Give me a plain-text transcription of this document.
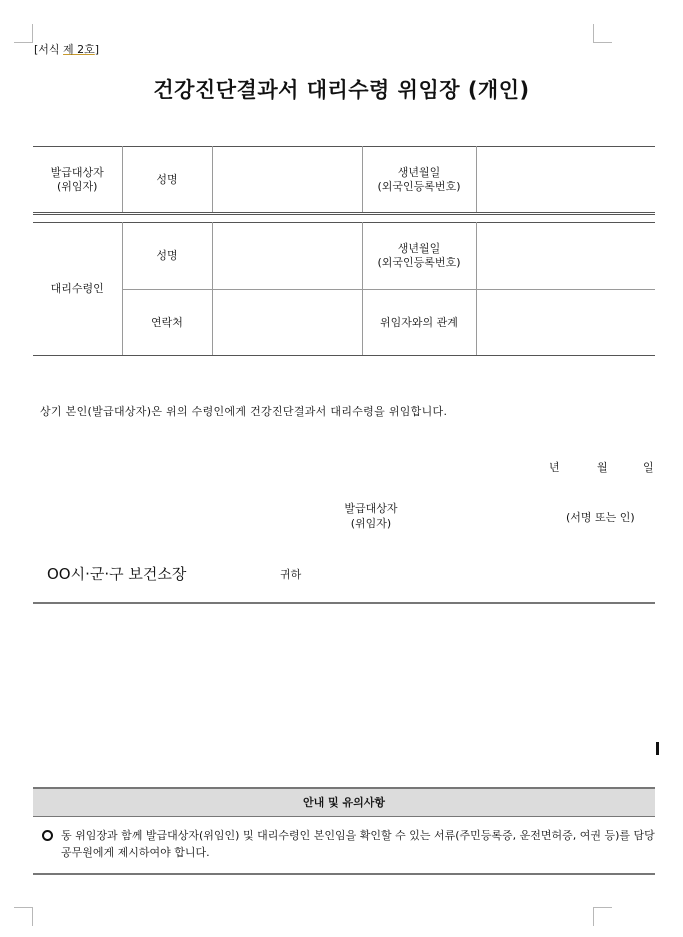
[서식 제 2호]
건강진단결과서 대리수령 위임장 (개인)
발급대상자
(위임자)	성명		생년월일
(외국인등록번호)	
대리수령인	성명		생년월일
(외국인등록번호)	
	연락처		위임자와의 관계	
상기 본인(발급대상자)은 위의 수령인에게 건강진단결과서 대리수령을 위임합니다.
년	월	일
발급대상자
(위임자)	(서명 또는 인)
OO시·군·구 보건소장	귀하
안내 및 유의사항
동 위임장과 함께 발급대상자(위임인) 및 대리수령인 본인임을 확인할 수 있는 서류(주민등록증, 운전면허증, 여권 등)를 담당 공무원에게 제시하여야 합니다.
